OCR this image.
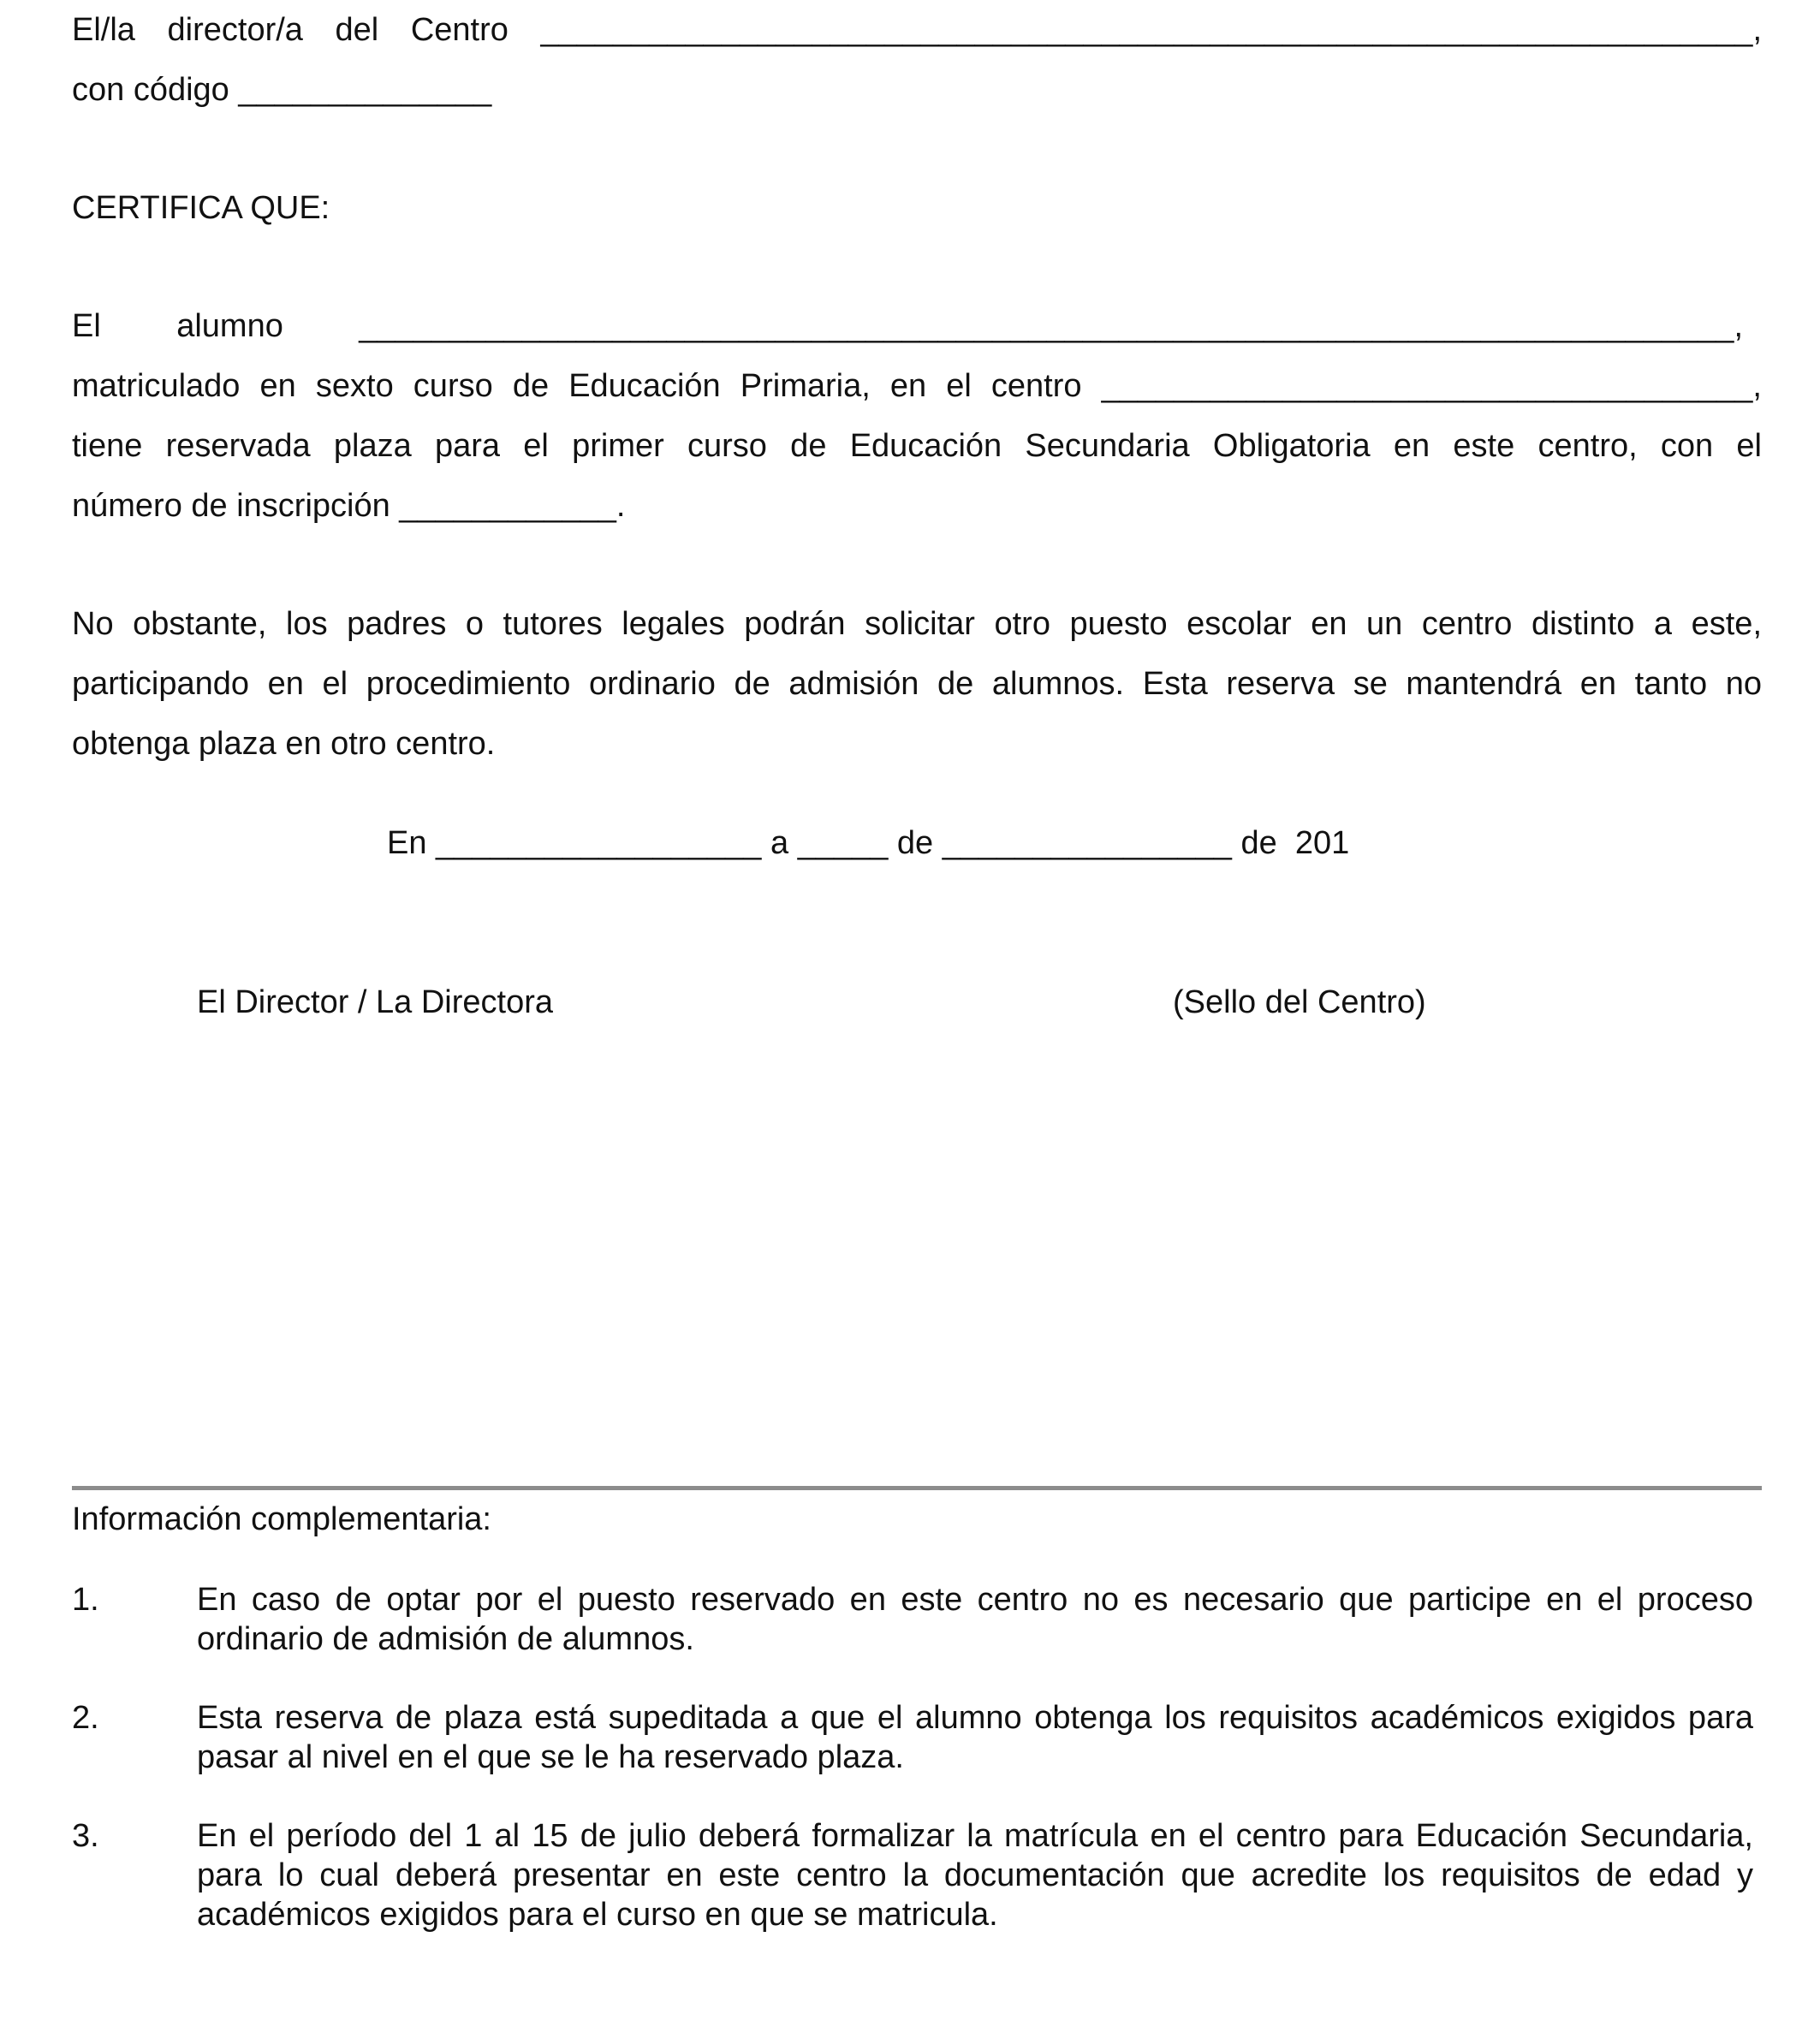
El/la director/a del Centro ___________________________________________________________________,
con código ______________
CERTIFICA QUE:
El alumno ____________________________________________________________________________,
matriculado en sexto curso de Educación Primaria, en el centro ____________________________________,
tiene reservada plaza para el primer curso de Educación Secundaria Obligatoria en este centro, con el
número de inscripción ____________.
No obstante, los padres o tutores legales podrán solicitar otro puesto escolar en un centro distinto a este,
participando en el procedimiento ordinario de admisión de alumnos. Esta reserva se mantendrá en tanto no
obtenga plaza en otro centro.
En __________________ a _____ de ________________ de  201
El Director / La Directora	(Sello del Centro)
Información complementaria:
1.	En caso de optar por el puesto reservado en este centro no es necesario que participe en el proceso ordinario de admisión de alumnos.
2.	Esta reserva de plaza está supeditada a que el alumno obtenga los requisitos académicos exigidos para pasar al nivel en el que se le ha reservado plaza.
3.	En el período del 1 al 15 de julio deberá formalizar la matrícula en el centro para Educación Secundaria, para lo cual deberá presentar en este centro la documentación que acredite los requisitos de edad y académicos exigidos para el curso en que se matricula.
